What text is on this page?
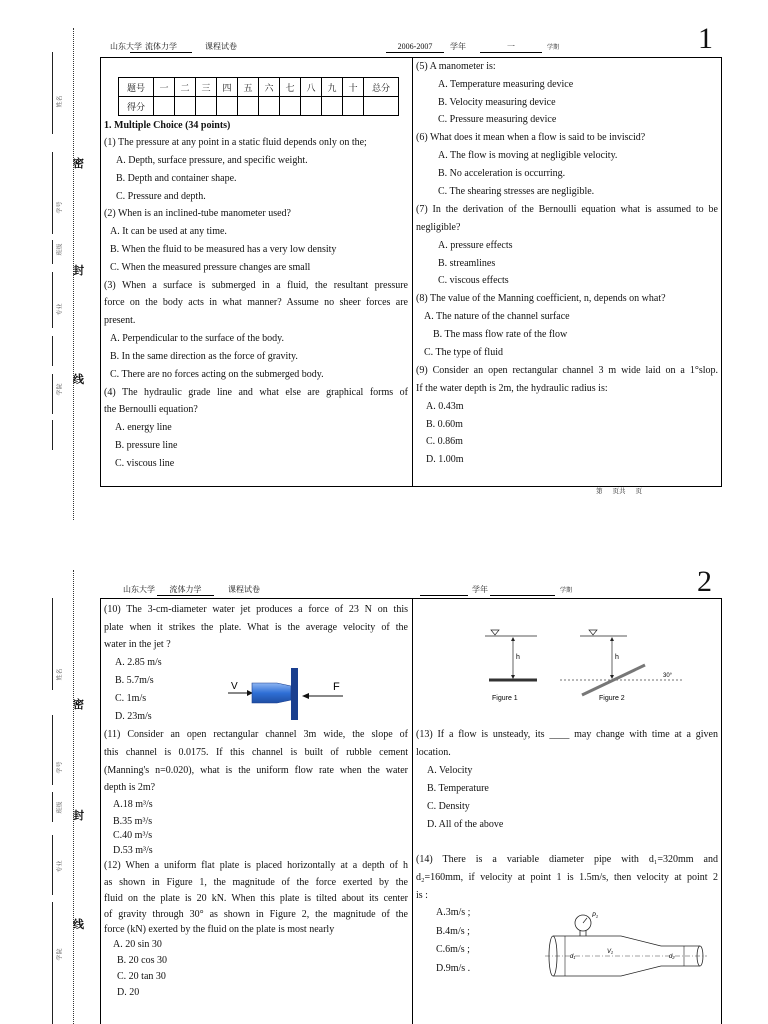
姓名
学号
班级
专业
学院
密
封
线
山东大学 流体力学	课程试卷	2006-2007	学年	一	学期	1
题号	一	二	三	四	五	六	七	八	九	十	总分
得分											
1. Multiple Choice (34 points)
(1) The pressure at any point in a static fluid depends only on the;
A. Depth, surface pressure, and specific weight.
B. Depth and container shape.
C. Pressure and depth.
(2) When is an inclined-tube manometer used?
A. It can be used at any time.
B. When the fluid to be measured has a very low density
C. When the measured pressure changes are small
(3) When a surface is submerged in a fluid, the resultant pressure
force on the body acts in what manner? Assume no sheer forces are
present.
A. Perpendicular to the surface of the body.
B. In the same direction as the force of gravity.
C. There are no forces acting on the submerged body.
(4) The hydraulic grade line and what else are graphical forms of
the Bernoulli equation?
A. energy line
B. pressure line
C. viscous line
(5) A manometer is:
A. Temperature measuring device
B. Velocity measuring device
C. Pressure measuring device
(6) What does it mean when a flow is said to be inviscid?
A. The flow is moving at negligible velocity.
B. No acceleration is occurring.
C. The shearing stresses are negligible.
(7) In the derivation of the Bernoulli equation what is assumed to be
negligible?
A. pressure effects
B. streamlines
C. viscous effects
(8) The value of the Manning coefficient, n, depends on what?
A. The nature of the channel surface
B. The mass flow rate of the flow
C. The type of fluid
(9) Consider an open rectangular channel 3 m wide laid on a 1°slop.
If the water depth is 2m, the hydraulic radius is:
A. 0.43m
B. 0.60m
C. 0.86m
D. 1.00m
第 页共 页
姓名
学号
班级
专业
学院
密
封
线
山东大学	流体力学	课程试卷	学年	学期	2
(10) The 3-cm-diameter water jet produces a force of 23 N on this
plate when it strikes the plate. What is the average velocity of the
water in the jet ?
A. 2.85 m/s
B. 5.7m/s
C. 1m/s
D. 23m/s
V	F
(11) Consider an open rectangular channel 3m wide, the slope of
this channel is 0.0175. If this channel is built of rubble cement
(Manning's n=0.020), what is the uniform flow rate when the water
depth is 2m?
A.18 m³/s
B.35 m³/s
C.40 m³/s
D.53 m³/s
(12) When a uniform flat plate is placed horizontally at a depth of h
as shown in Figure 1, the magnitude of the force exerted by the
fluid on the plate is 20 kN. When this plate is tilted about its center
of gravity through 30° as shown in Figure 2, the magnitude of the
force (kN) exerted by the fluid on the plate is most nearly
A. 20 sin 30
B. 20 cos 30
C. 20 tan 30
D. 20
h
Figure 1
h
30°
Figure 2
(13) If a flow is unsteady, its ____ may change with time at a given
location.
A. Velocity
B. Temperature
C. Density
D. All of the above
(14) There is a variable diameter pipe with d₁=320mm and
d₂=160mm, if velocity at point 1 is 1.5m/s, then velocity at point 2
is :
A.3m/s ;
B.4m/s ;
C.6m/s ;
D.9m/s .
P₁
d₁
V₁
d₂
